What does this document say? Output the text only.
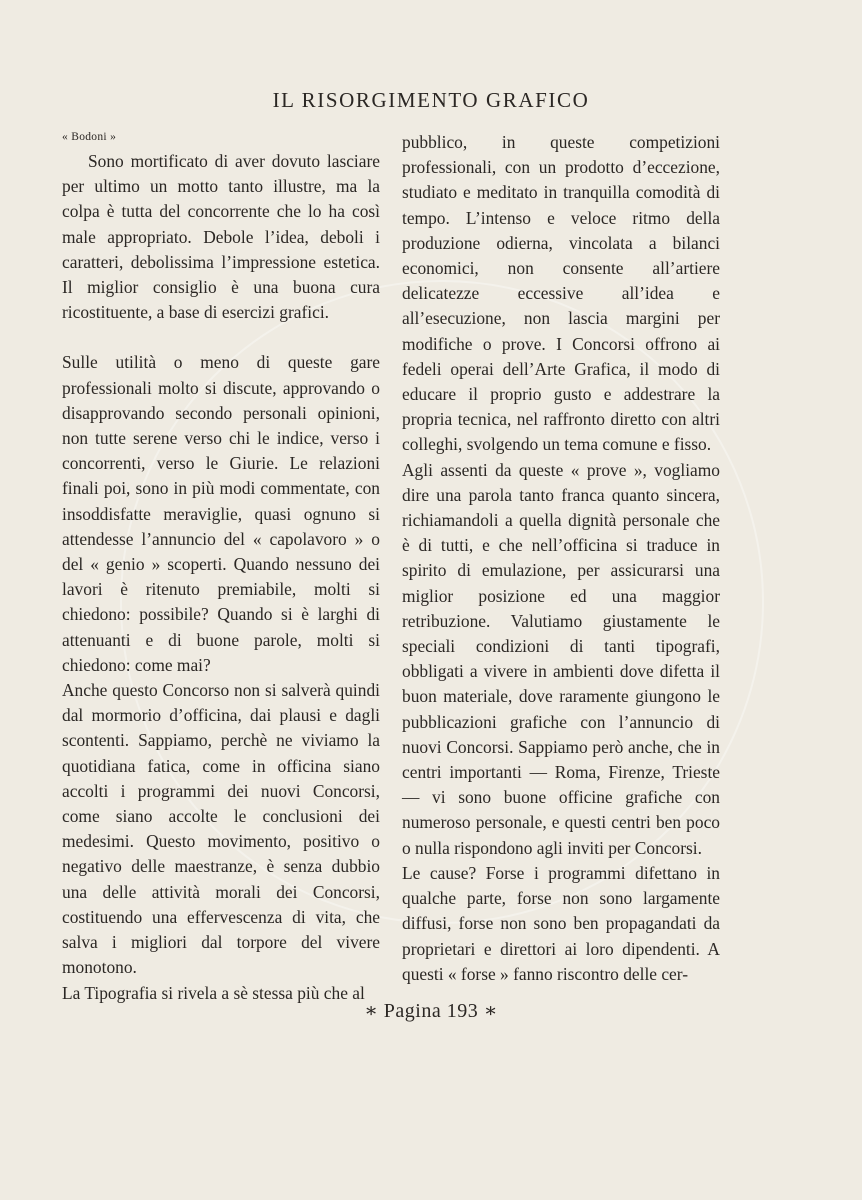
IL RISORGIMENTO GRAFICO

« Bodoni »

Sono mortificato di aver dovuto lasciare per ultimo un motto tanto illustre, ma la colpa è tutta del concorrente che lo ha così male appropriato. Debole l’idea, deboli i caratteri, debolissima l’impressione estetica. Il miglior consiglio è una buona cura ricostituente, a base di esercizi grafici.

Sulle utilità o meno di queste gare professionali molto si discute, approvando o disapprovando secondo personali opinioni, non tutte serene verso chi le indice, verso i concorrenti, verso le Giurie. Le relazioni finali poi, sono in più modi commentate, con insoddisfatte meraviglie, quasi ognuno si attendesse l’annuncio del « capolavoro » o del « genio » scoperti. Quando nessuno dei lavori è ritenuto premiabile, molti si chiedono: possibile? Quando si è larghi di attenuanti e di buone parole, molti si chiedono: come mai?

Anche questo Concorso non si salverà quindi dal mormorio d’officina, dai plausi e dagli scontenti. Sappiamo, perchè ne viviamo la quotidiana fatica, come in officina siano accolti i programmi dei nuovi Concorsi, come siano accolte le conclusioni dei medesimi. Questo movimento, positivo o negativo delle maestranze, è senza dubbio una delle attività morali dei Concorsi, costituendo una effervescenza di vita, che salva i migliori dal torpore del vivere monotono.

La Tipografia si rivela a sè stessa più che al

pubblico, in queste competizioni professionali, con un prodotto d’eccezione, studiato e meditato in tranquilla comodità di tempo. L’intenso e veloce ritmo della produzione odierna, vincolata a bilanci economici, non consente all’artiere delicatezze eccessive all’idea e all’esecuzione, non lascia margini per modifiche o prove. I Concorsi offrono ai fedeli operai dell’Arte Grafica, il modo di educare il proprio gusto e addestrare la propria tecnica, nel raffronto diretto con altri colleghi, svolgendo un tema comune e fisso.

Agli assenti da queste « prove », vogliamo dire una parola tanto franca quanto sincera, richiamandoli a quella dignità personale che è di tutti, e che nell’officina si traduce in spirito di emulazione, per assicurarsi una miglior posizione ed una maggior retribuzione. Valutiamo giustamente le speciali condizioni di tanti tipografi, obbligati a vivere in ambienti dove difetta il buon materiale, dove raramente giungono le pubblicazioni grafiche con l’annuncio di nuovi Concorsi. Sappiamo però anche, che in centri importanti — Roma, Firenze, Trieste — vi sono buone officine grafiche con numeroso personale, e questi centri ben poco o nulla rispondono agli inviti per Concorsi.

Le cause? Forse i programmi difettano in qualche parte, forse non sono largamente diffusi, forse non sono ben propagandati da proprietari e direttori ai loro dipendenti. A questi « forse » fanno riscontro delle cer-

∗ Pagina 193 ∗
